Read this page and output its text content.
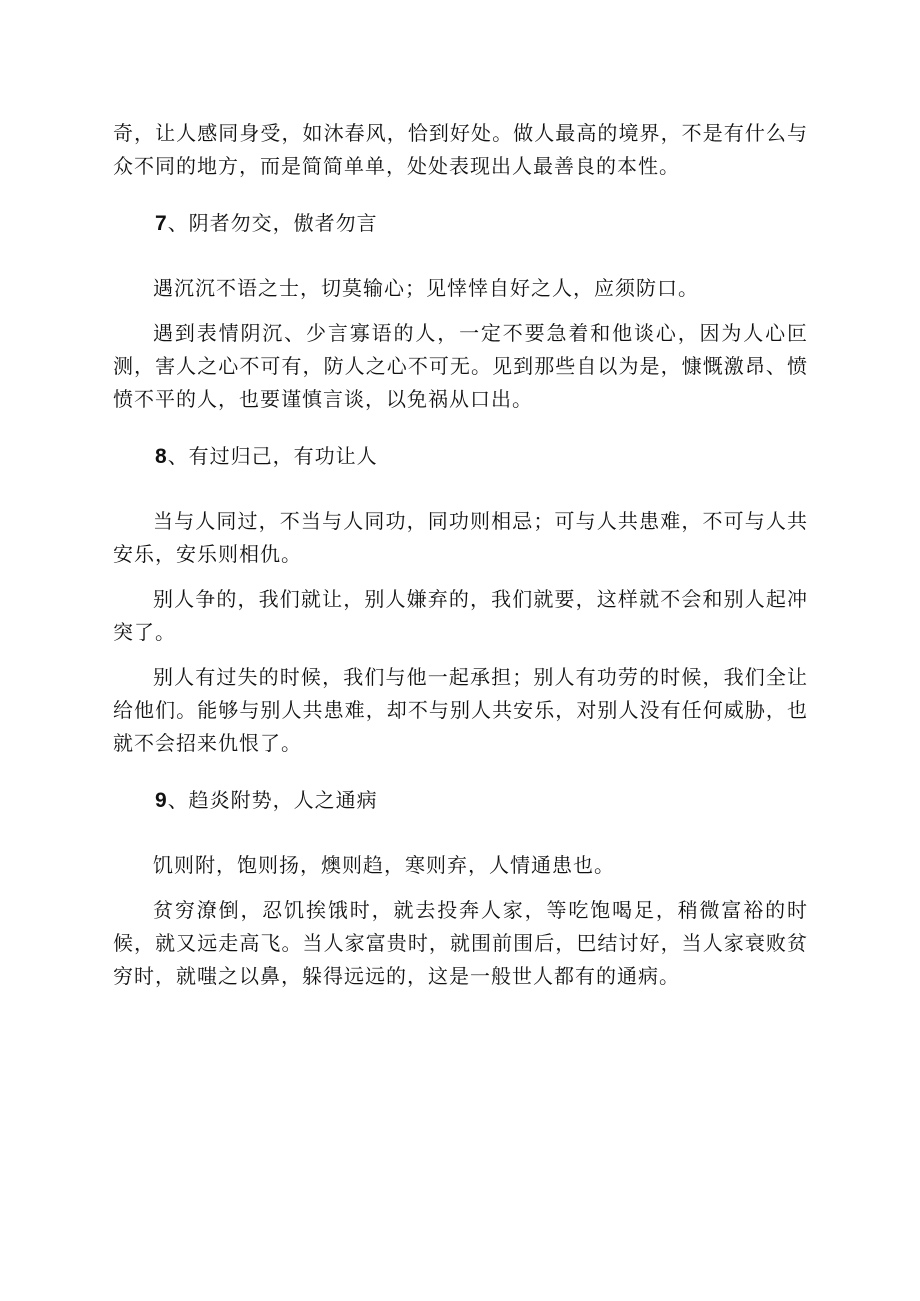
奇，让人感同身受，如沐春风，恰到好处。做人最高的境界，不是有什么与众不同的地方，而是简简单单，处处表现出人最善良的本性。

7、阴者勿交，傲者勿言

遇沉沉不语之士，切莫输心；见悻悻自好之人，应须防口。

遇到表情阴沉、少言寡语的人，一定不要急着和他谈心，因为人心叵测，害人之心不可有，防人之心不可无。见到那些自以为是，慷慨激昂、愤愤不平的人，也要谨慎言谈，以免祸从口出。

8、有过归己，有功让人

当与人同过，不当与人同功，同功则相忌；可与人共患难，不可与人共安乐，安乐则相仇。

别人争的，我们就让，别人嫌弃的，我们就要，这样就不会和别人起冲突了。

别人有过失的时候，我们与他一起承担；别人有功劳的时候，我们全让给他们。能够与别人共患难，却不与别人共安乐，对别人没有任何威胁，也就不会招来仇恨了。

9、趋炎附势，人之通病

饥则附，饱则扬，燠则趋，寒则弃，人情通患也。

贫穷潦倒，忍饥挨饿时，就去投奔人家，等吃饱喝足，稍微富裕的时候，就又远走高飞。当人家富贵时，就围前围后，巴结讨好，当人家衰败贫穷时，就嗤之以鼻，躲得远远的，这是一般世人都有的通病。
